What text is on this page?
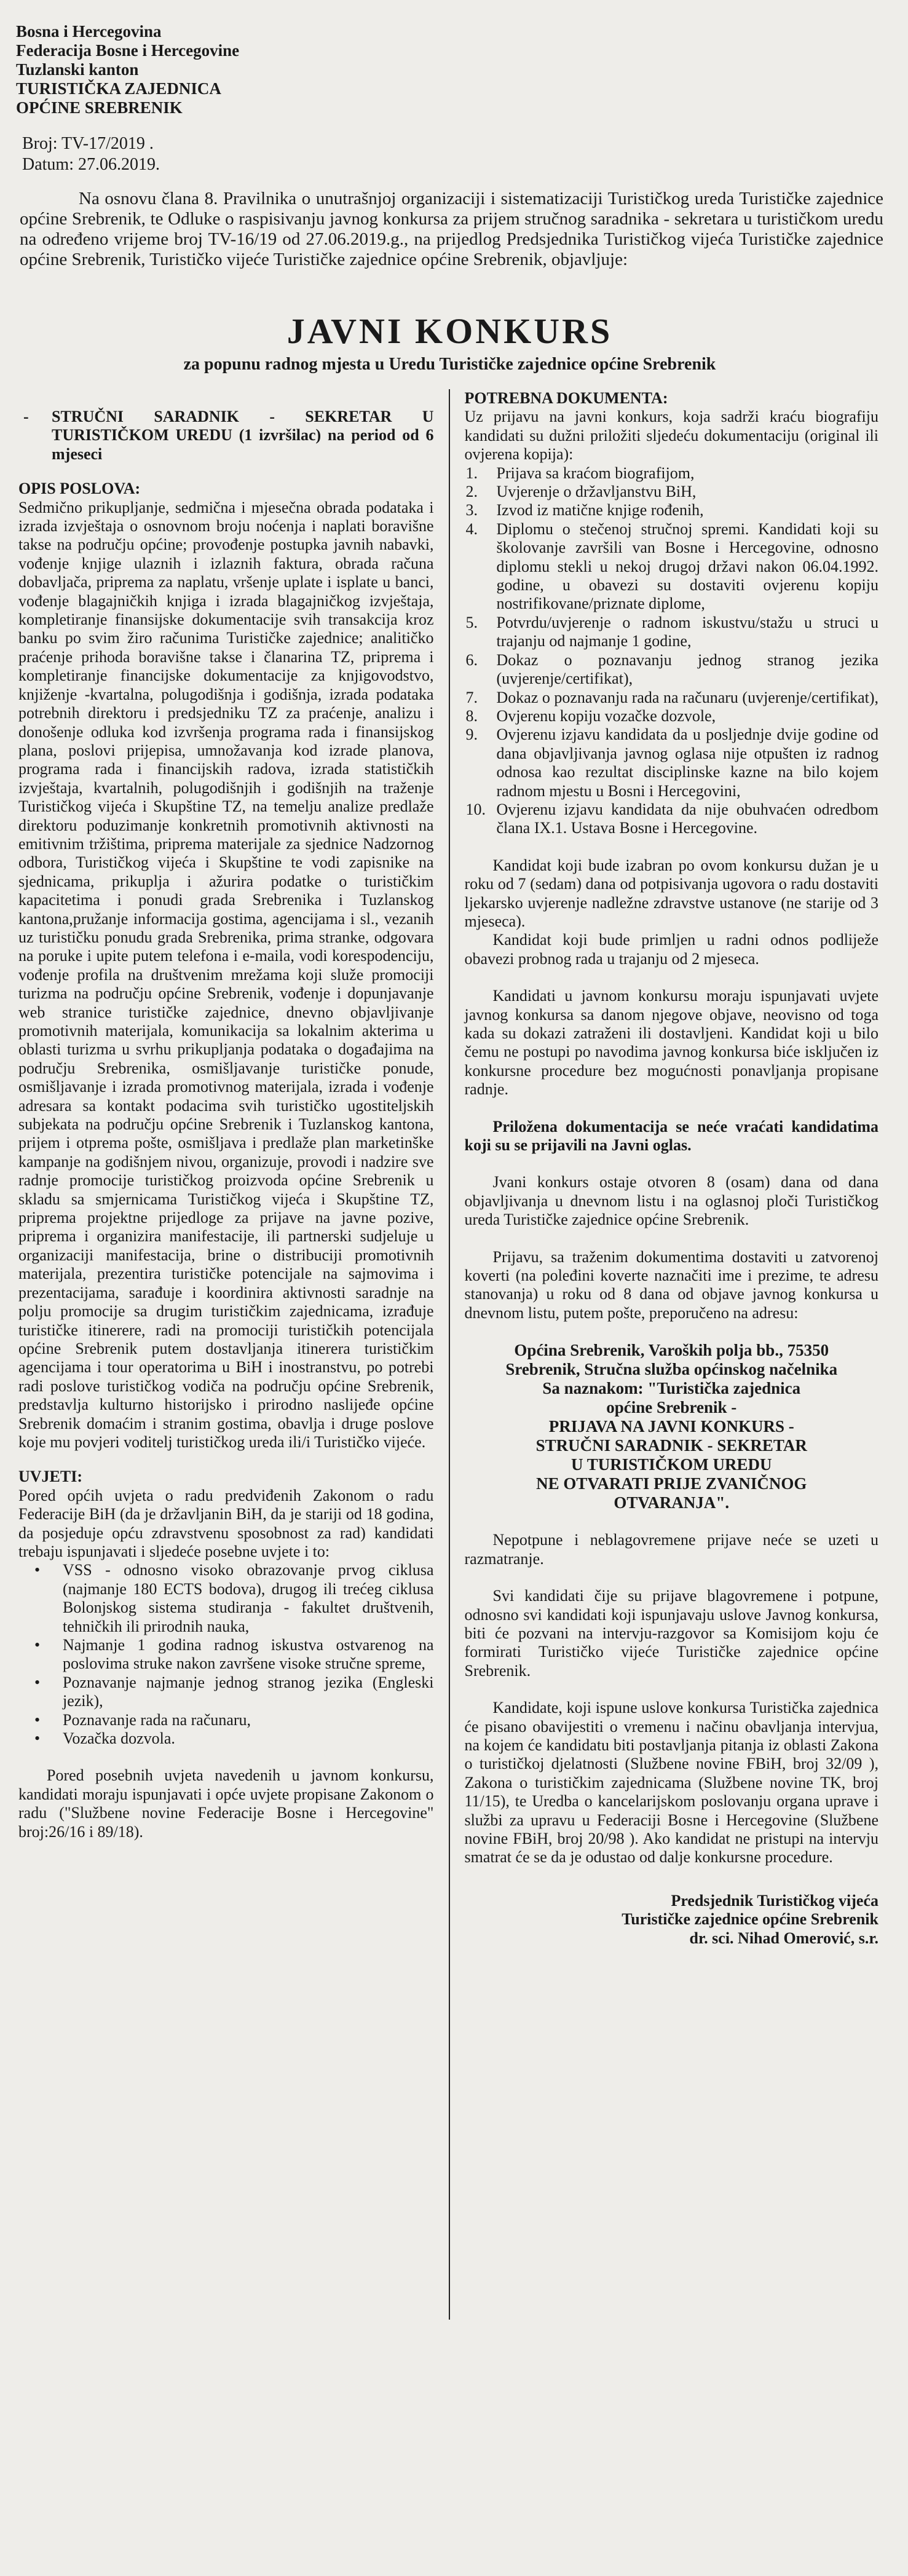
Bosna i Hercegovina
Federacija Bosne i Hercegovine
Tuzlanski kanton
TURISTIČKA ZAJEDNICA
OPĆINE SREBRENIK
Broj: TV-17/2019 .
Datum: 27.06.2019.

Na osnovu člana 8. Pravilnika o unutrašnjoj organizaciji i sistematizaciji Turističkog ureda Turističke zajednice općine Srebrenik, te Odluke o raspisivanju javnog konkursa za prijem stručnog saradnika - sekretara u turističkom uredu na određeno vrijeme broj TV-16/19 od 27.06.2019.g., na prijedlog Predsjednika Turističkog vijeća Turističke zajednice općine Srebrenik, Turističko vijeće Turističke zajednice općine Srebrenik, objavljuje:

JAVNI KONKURS
za popunu radnog mjesta u Uredu Turističke zajednice općine Srebrenik
-	STRUČNI SARADNIK - SEKRETAR U TURISTIČKOM UREDU (1 izvršilac) na period od 6 mjeseci
OPIS POSLOVA:

Sedmično prikupljanje, sedmična i mjesečna obrada podataka i izrada izvještaja o osnovnom broju noćenja i naplati boravišne takse na području općine; provođenje postupka javnih nabavki, vođenje knjige ulaznih i izlaznih faktura, obrada računa dobavljača, priprema za naplatu, vršenje uplate i isplate u banci, vođenje blagajničkih knjiga i izrada blagajničkog izvještaja, kompletiranje finansijske dokumentacije svih transakcija kroz banku po svim žiro računima Turističke zajednice; analitičko praćenje prihoda boravišne takse i članarina TZ, priprema i kompletiranje financijske dokumentacije za knjigovodstvo, knjiženje -kvartalna, polugodišnja i godišnja, izrada podataka potrebnih direktoru i predsjedniku TZ za praćenje, analizu i donošenje odluka kod izvršenja programa rada i finansijskog plana, poslovi prijepisa, umnožavanja kod izrade planova, programa rada i financijskih radova, izrada statističkih izvještaja, kvartalnih, polugodišnjih i godišnjih na traženje Turističkog vijeća i Skupštine TZ, na temelju analize predlaže direktoru poduzimanje konkretnih promotivnih aktivnosti na emitivnim tržištima, priprema materijale za sjednice Nadzornog odbora, Turističkog vijeća i Skupštine te vodi zapisnike na sjednicama, prikuplja i ažurira podatke o turističkim kapacitetima i ponudi grada Srebrenika i Tuzlanskog kantona,pružanje informacija gostima, agencijama i sl., vezanih uz turističku ponudu grada Srebrenika, prima stranke, odgovara na poruke i upite putem telefona i e-maila, vodi korespodenciju, vođenje profila na društvenim mrežama koji služe promociji turizma na području općine Srebrenik, vođenje i dopunjavanje web stranice turističke zajednice, dnevno objavljivanje promotivnih materijala, komunikacija sa lokalnim akterima u oblasti turizma u svrhu prikupljanja podataka o događajima na području Srebrenika, osmišljavanje turističke ponude, osmišljavanje i izrada promotivnog materijala, izrada i vođenje adresara sa kontakt podacima svih turističko ugostiteljskih subjekata na području općine Srebrenik i Tuzlanskog kantona, prijem i otprema pošte, osmišljava i predlaže plan marketinške kampanje na godišnjem nivou, organizuje, provodi i nadzire sve radnje promocije turističkog proizvoda općine Srebrenik u skladu sa smjernicama Turističkog vijeća i Skupštine TZ, priprema projektne prijedloge za prijave na javne pozive, priprema i organizira manifestacije, ili partnerski sudjeluje u organizaciji manifestacija, brine o distribuciji promotivnih materijala, prezentira turističke potencijale na sajmovima i prezentacijama, sarađuje i koordinira aktivnosti saradnje na polju promocije sa drugim turističkim zajednicama, izrađuje turističke itinerere, radi na promociji turističkih potencijala općine Srebrenik putem dostavljanja itinerera turističkim agencijama i tour operatorima u BiH i inostranstvu, po potrebi radi poslove turističkog vodiča na području općine Srebrenik, predstavlja kulturno historijsko i prirodno naslijeđe općine Srebrenik domaćim i stranim gostima, obavlja i druge poslove koje mu povjeri voditelj turističkog ureda ili/i Turističko vijeće.

UVJETI:

Pored općih uvjeta o radu predviđenih Zakonom o radu Federacije BiH (da je državljanin BiH, da je stariji od 18 godina, da posjeduje opću zdravstvenu sposobnost za rad) kandidati trebaju ispunjavati i sljedeće posebne uvjete i to:

•	VSS - odnosno visoko obrazovanje prvog ciklusa (najmanje 180 ECTS bodova), drugog ili trećeg ciklusa Bolonjskog sistema studiranja - fakultet društvenih, tehničkih ili prirodnih nauka,
•	Najmanje 1 godina radnog iskustva ostvarenog na poslovima struke nakon završene visoke stručne spreme,
•	Poznavanje najmanje jednog stranog jezika (Engleski jezik),
•	Poznavanje rada na računaru,
•	Vozačka dozvola.

Pored posebnih uvjeta navedenih u javnom konkursu, kandidati moraju ispunjavati i opće uvjete propisane Zakonom o radu ("Službene novine Federacije Bosne i Hercegovine" broj:26/16 i 89/18).

POTREBNA DOKUMENTA:

Uz prijavu na javni konkurs, koja sadrži kraću biografiju kandidati su dužni priložiti sljedeću dokumentaciju (original ili ovjerena kopija):

1.	Prijava sa kraćom biografijom,
2.	Uvjerenje o državljanstvu BiH,
3.	Izvod iz matične knjige rođenih,
4.	Diplomu o stečenoj stručnoj spremi. Kandidati koji su školovanje završili van Bosne i Hercegovine, odnosno diplomu stekli u nekoj drugoj državi nakon 06.04.1992. godine, u obavezi su dostaviti ovjerenu kopiju nostrifikovane/priznate diplome,
5.	Potvrdu/uvjerenje o radnom iskustvu/stažu u struci u trajanju od najmanje 1 godine,
6.	Dokaz o poznavanju jednog stranog jezika (uvjerenje/certifikat),
7.	Dokaz o poznavanju rada na računaru (uvjerenje/certifikat),
8.	Ovjerenu kopiju vozačke dozvole,
9.	Ovjerenu izjavu kandidata da u posljednje dvije godine od dana objavljivanja javnog oglasa nije otpušten iz radnog odnosa kao rezultat disciplinske kazne na bilo kojem radnom mjestu u Bosni i Hercegovini,
10. Ovjerenu izjavu kandidata da nije obuhvaćen odredbom člana IX.1. Ustava Bosne i Hercegovine.

Kandidat koji bude izabran po ovom konkursu dužan je u roku od 7 (sedam) dana od potpisivanja ugovora o radu dostaviti ljekarsko uvjerenje nadležne zdravstve ustanove (ne starije od 3 mjeseca).

Kandidat koji bude primljen u radni odnos podliježe obavezi probnog rada u trajanju od 2 mjeseca.

Kandidati u javnom konkursu moraju ispunjavati uvjete javnog konkursa sa danom njegove objave, neovisno od toga kada su dokazi zatraženi ili dostavljeni. Kandidat koji u bilo čemu ne postupi po navodima javnog konkursa biće isključen iz konkursne procedure bez mogućnosti ponavljanja propisane radnje.

Priložena dokumentacija se neće vraćati kandidatima koji su se prijavili na Javni oglas.

Jvani konkurs ostaje otvoren 8 (osam) dana od dana objavljivanja u dnevnom listu i na oglasnoj ploči Turističkog ureda Turističke zajednice općine Srebrenik.

Prijavu, sa traženim dokumentima dostaviti u zatvorenoj koverti (na poleđini kovertе naznačiti ime i prezime, te adresu stanovanja) u roku od 8 dana od objave javnog konkursa u dnevnom listu, putem pošte, preporučeno na adresu:

Općina Srebrenik, Varoških polja bb., 75350
Srebrenik, Stručna služba općinskog načelnika
Sa naznakom: "Turistička zajednica
općine Srebrenik -
PRIJAVA NA JAVNI KONKURS -
STRUČNI SARADNIK - SEKRETAR
U TURISTIČKOM UREDU
NE OTVARATI PRIJE ZVANIČNOG
OTVARANJA".

Nepotpune i neblagovremene prijave neće se uzeti u razmatranje.

Svi kandidati čije su prijave blagovremene i potpune, odnosno svi kandidati koji ispunjavaju uslove Javnog konkursa, biti će pozvani na intervju-razgovor sa Komisijom koju će formirati Turističko vijeće Turističke zajednice općine Srebrenik.

Kandidate, koji ispune uslove konkursa Turistička zajednica će pisano obavijestiti o vremenu i načinu obavljanja intervjua, na kojem će kandidatu biti postavljanja pitanja iz oblasti Zakona o turističkoj djelatnosti (Službene novine FBiH, broj 32/09 ), Zakona o turističkim zajednicama (Službene novine TK, broj 11/15), te Uredba o kancelarijskom poslovanju organa uprave i službi za upravu u Federaciji Bosne i Hercegovine (Službene novine FBiH, broj 20/98 ). Ako kandidat ne pristupi na intervju smatrat će se da je odustao od dalje konkursne procedure.

Predsjednik Turističkog vijeća
Turističke zajednice općine Srebrenik
dr. sci. Nihad Omerović, s.r.
